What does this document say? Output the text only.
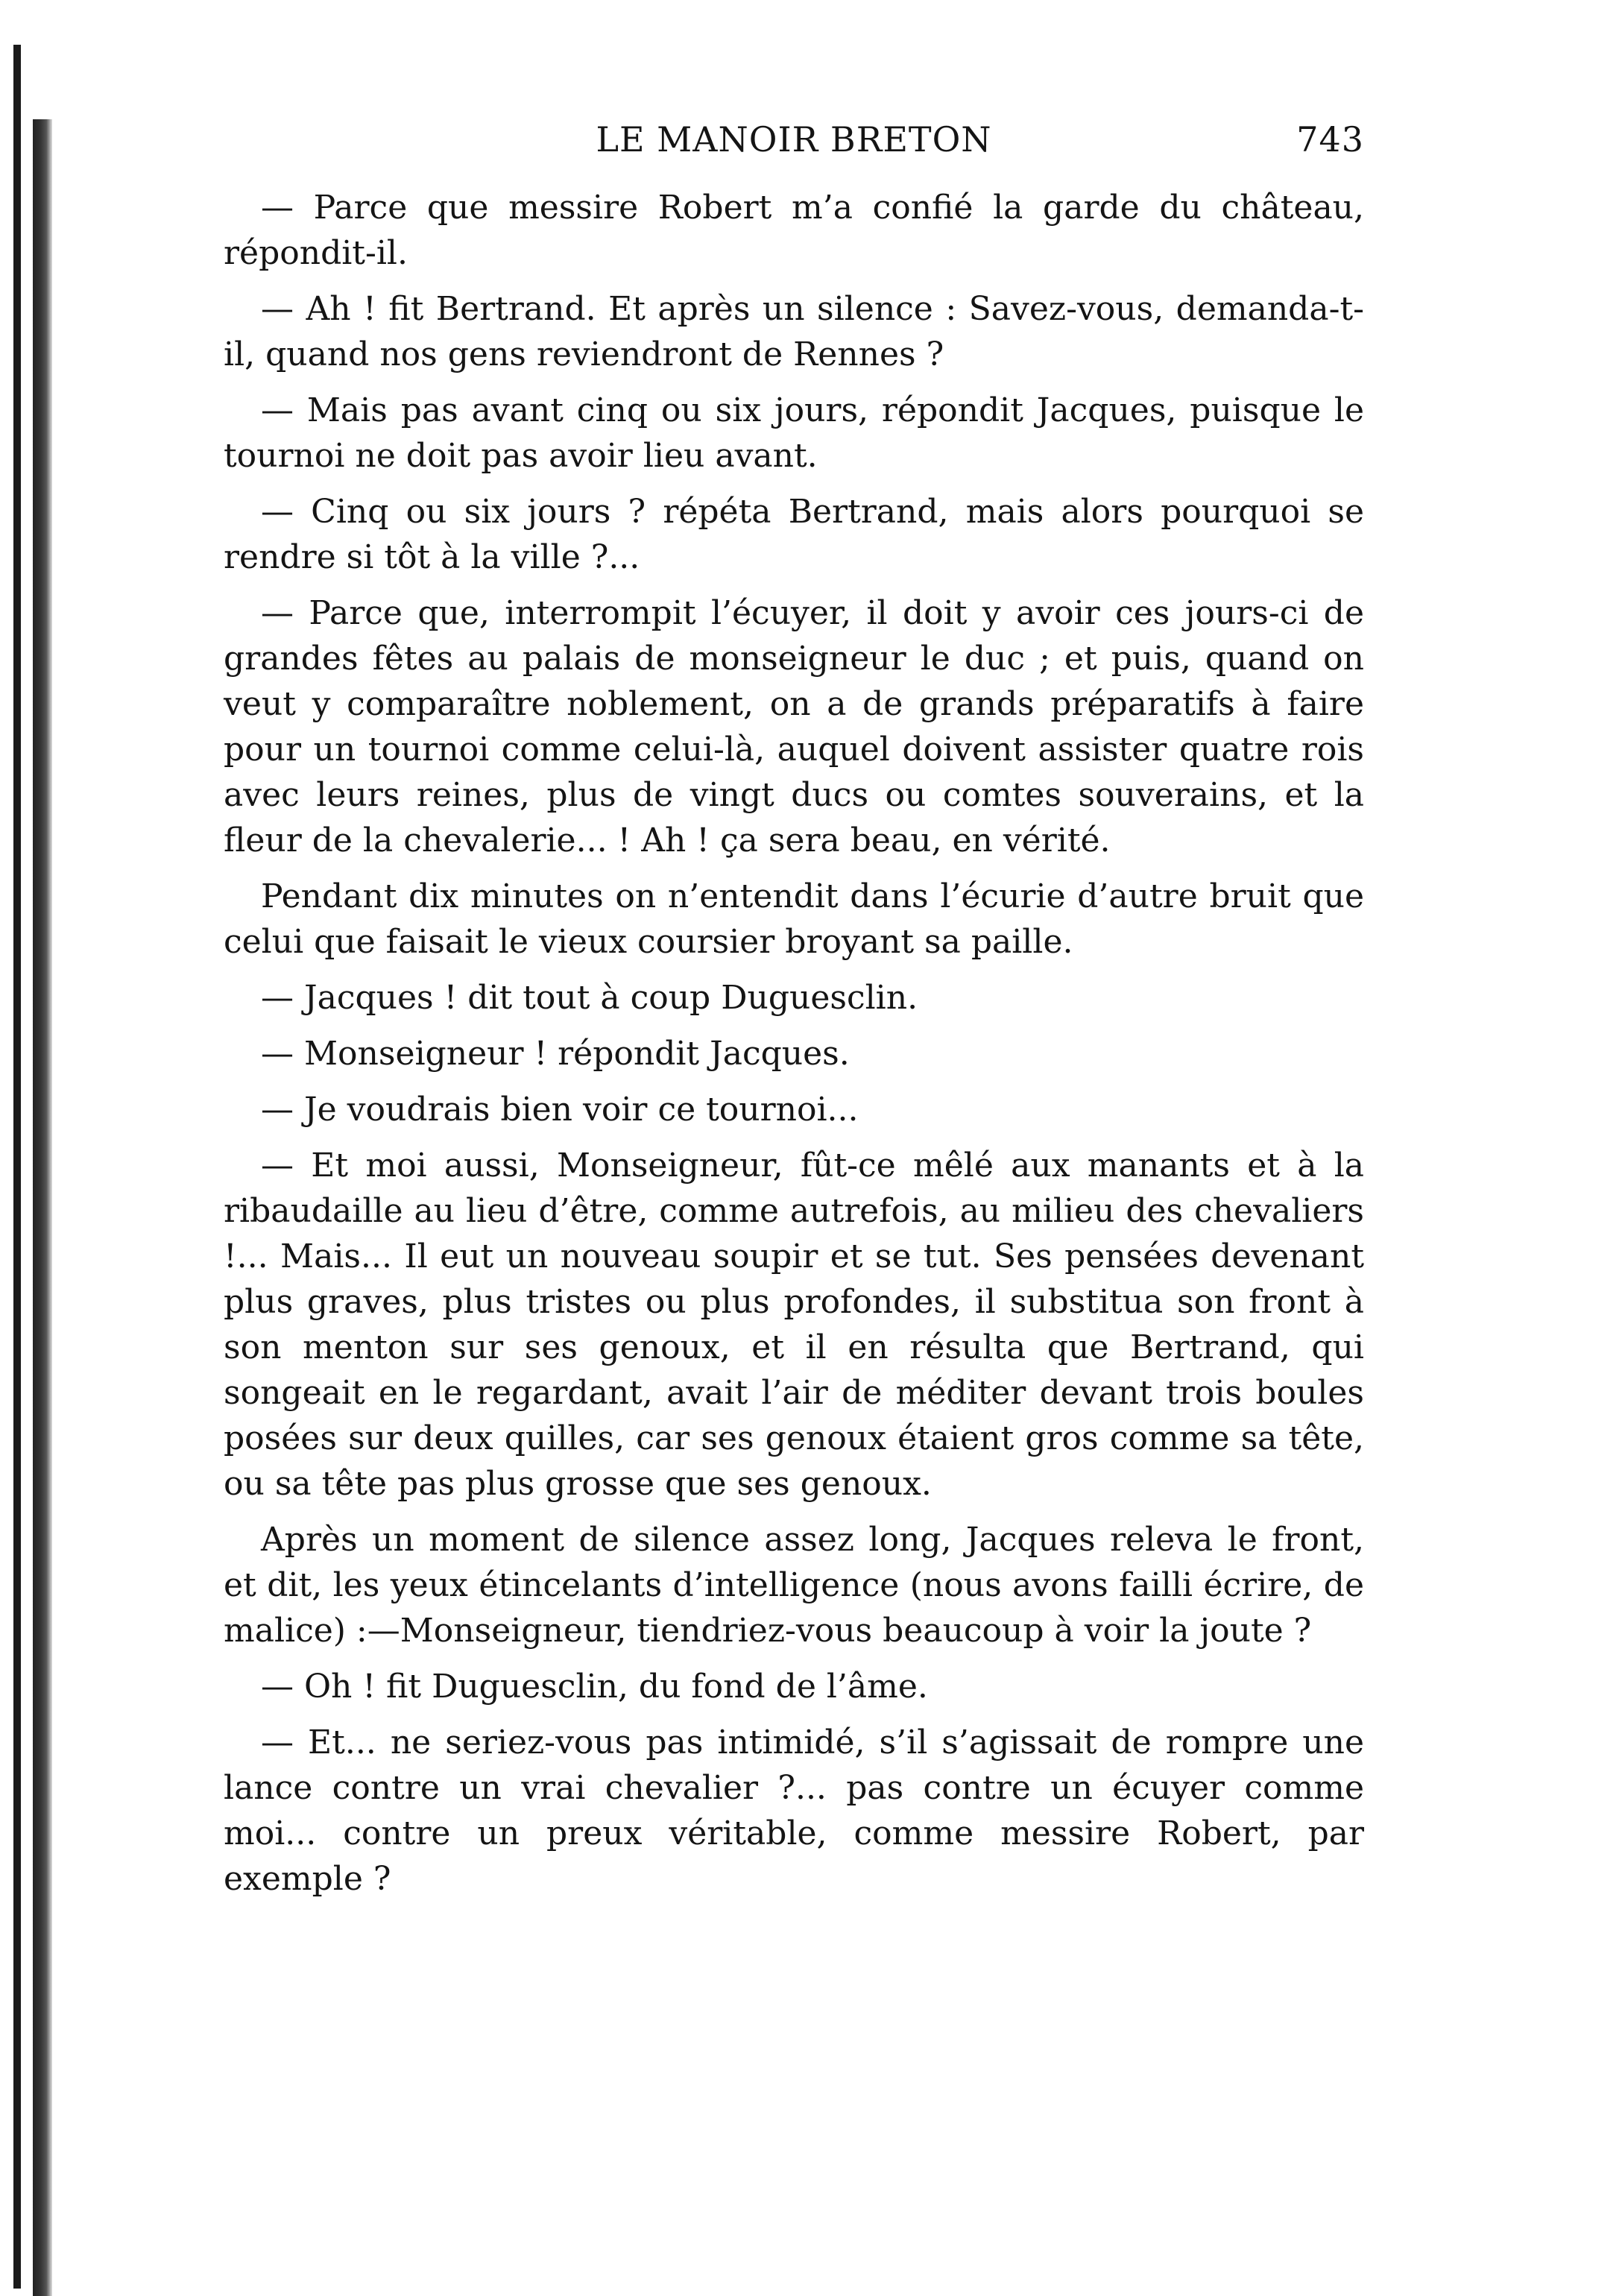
LE MANOIR BRETON	743

— Parce que messire Robert m’a confié la garde du château, répondit-il.

— Ah ! fit Bertrand. Et après un silence : Savez-vous, demanda-t-il, quand nos gens reviendront de Rennes ?

— Mais pas avant cinq ou six jours, répondit Jacques, puisque le tournoi ne doit pas avoir lieu avant.

— Cinq ou six jours ? répéta Bertrand, mais alors pourquoi se rendre si tôt à la ville ?...

— Parce que, interrompit l’écuyer, il doit y avoir ces jours-ci de grandes fêtes au palais de monseigneur le duc ; et puis, quand on veut y comparaître noblement, on a de grands préparatifs à faire pour un tournoi comme celui-là, auquel doivent assister quatre rois avec leurs reines, plus de vingt ducs ou comtes souverains, et la fleur de la chevalerie... ! Ah ! ça sera beau, en vérité.

Pendant dix minutes on n’entendit dans l’écurie d’autre bruit que celui que faisait le vieux coursier broyant sa paille.

— Jacques ! dit tout à coup Duguesclin.

— Monseigneur ! répondit Jacques.

— Je voudrais bien voir ce tournoi...

— Et moi aussi, Monseigneur, fût-ce mêlé aux manants et à la ribaudaille au lieu d’être, comme autrefois, au milieu des chevaliers !... Mais... Il eut un nouveau soupir et se tut. Ses pensées devenant plus graves, plus tristes ou plus profondes, il substitua son front à son menton sur ses genoux, et il en résulta que Bertrand, qui songeait en le regardant, avait l’air de méditer devant trois boules posées sur deux quilles, car ses genoux étaient gros comme sa tête, ou sa tête pas plus grosse que ses genoux.

Après un moment de silence assez long, Jacques releva le front, et dit, les yeux étincelants d’intelligence (nous avons failli écrire, de malice) :—Monseigneur, tiendriez-vous beaucoup à voir la joute ?

— Oh ! fit Duguesclin, du fond de l’âme.

— Et... ne seriez-vous pas intimidé, s’il s’agissait de rompre une lance contre un vrai chevalier ?... pas contre un écuyer comme moi... contre un preux véritable, comme messire Robert, par exemple ?
